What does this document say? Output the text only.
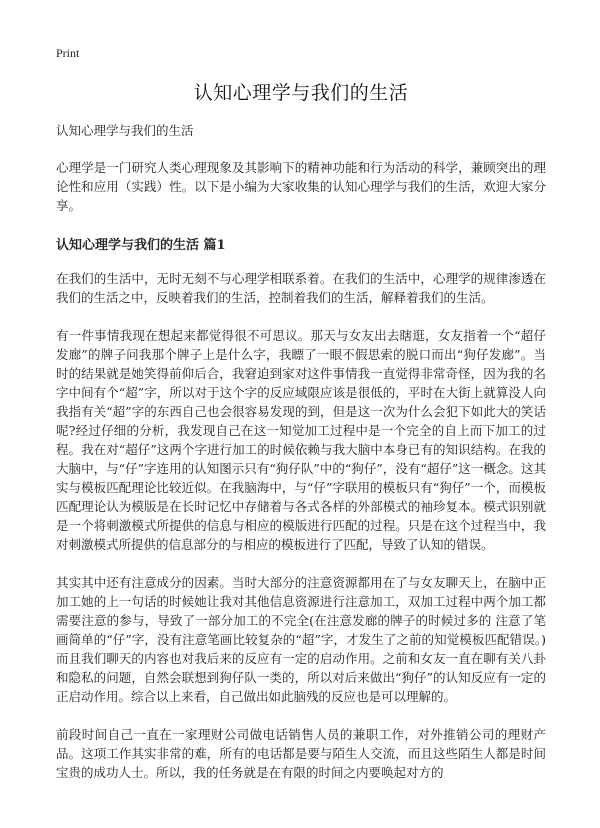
Print
认知心理学与我们的生活

认知心理学与我们的生活

心理学是一门研究人类心理现象及其影响下的精神功能和行为活动的科学，兼顾突出的理论性和应用（实践）性。以下是小编为大家收集的认知心理学与我们的生活，欢迎大家分享。

认知心理学与我们的生活 篇1

在我们的生活中，无时无刻不与心理学相联系着。在我们的生活中，心理学的规律渗透在我们的生活之中，反映着我们的生活，控制着我们的生活，解释着我们的生活。

有一件事情我现在想起来都觉得很不可思议。那天与女友出去瞎逛，女友指着一个“超仔发廊”的牌子问我那个牌子上是什么字，我瞟了一眼不假思索的脱口而出“狗仔发廊”。当时的结果就是她笑得前仰后合，我窘迫到家对这件事情我一直觉得非常奇怪，因为我的名字中间有个“超”字，所以对于这个字的反应域限应该是很低的，平时在大街上就算没人向我指有关“超”字的东西自己也会很容易发现的到，但是这一次为什么会犯下如此大的笑话呢?经过仔细的分析，我发现自己在这一知觉加工过程中是一个完全的自上而下加工的过程。我在对“超仔”这两个字进行加工的时候依赖与我大脑中本身已有的知识结构。在我的大脑中，与“仔”字连用的认知图示只有“狗仔队”中的“狗仔”，没有“超仔”这一概念。这其实与模板匹配理论比较近似。在我脑海中，与“仔”字联用的模板只有“狗仔”一个，而模板匹配理论认为模版是在长时记忆中存储着与各式各样的外部模式的袖珍复本。模式识别就是一个将刺激模式所提供的信息与相应的模版进行匹配的过程。只是在这个过程当中，我对刺激模式所提供的信息部分的与相应的模板进行了匹配，导致了认知的错误。

其实其中还有注意成分的因素。当时大部分的注意资源都用在了与女友聊天上，在脑中正加工她的上一句话的时候她让我对其他信息资源进行注意加工，双加工过程中两个加工都需要注意的参与，导致了一部分加工的不完全(在注意发廊的牌子的时候过多的 注意了笔画简单的“仔”字，没有注意笔画比较复杂的“超”字，才发生了之前的知觉模板匹配错误。)而且我们聊天的内容也对我后来的反应有一定的启动作用。之前和女友一直在聊有关八卦和隐私的问题，自然会联想到狗仔队一类的，所以对后来做出“狗仔”的认知反应有一定的正启动作用。综合以上来看，自己做出如此脑残的反应也是可以理解的。

前段时间自己一直在一家理财公司做电话销售人员的兼职工作，对外推销公司的理财产品。这项工作其实非常的难，所有的电话都是要与陌生人交流，而且这些陌生人都是时间宝贵的成功人士。所以，我的任务就是在有限的时间之内要唤起对方的
